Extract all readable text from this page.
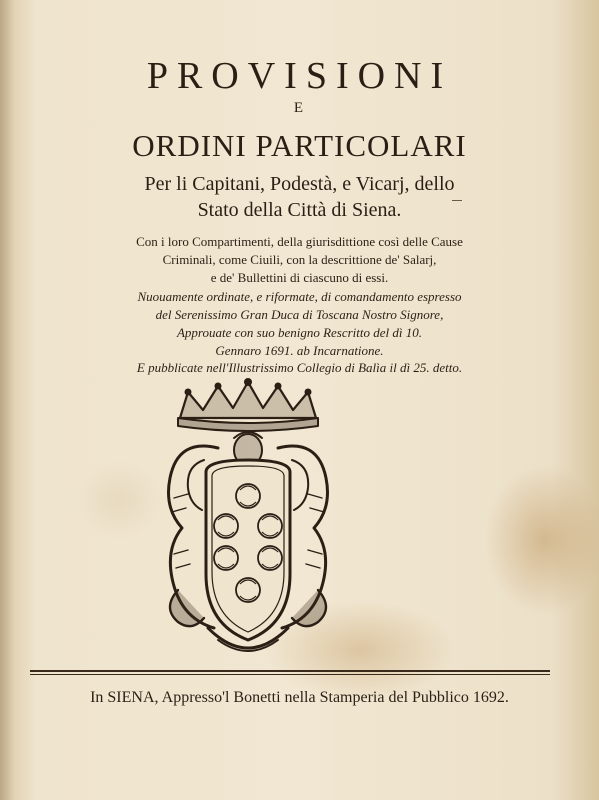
PROVISIONI
E
ORDINI PARTICOLARI
Per li Capitani, Podestà, e Vicarj, dello
Stato della Città di Siena.
Con i loro Compartimenti, della giurisdittione così delle Cause
Criminali, come Ciuili, con la descrittione de' Salarj,
e de' Bullettini di ciascuno di essi.
Nuouamente ordinate, e riformate, di comandamento espresso
del Serenissimo Gran Duca di Toscana Nostro Signore,
Approuate con suo benigno Rescritto del dì 10.
Gennaro 1691. ab Incarnatione.
E pubblicate nell'Illustrissimo Collegio di Balìa il dì 25. detto.
In SIENA, Appresso'l Bonetti nella Stamperia del Pubblico 1692.
